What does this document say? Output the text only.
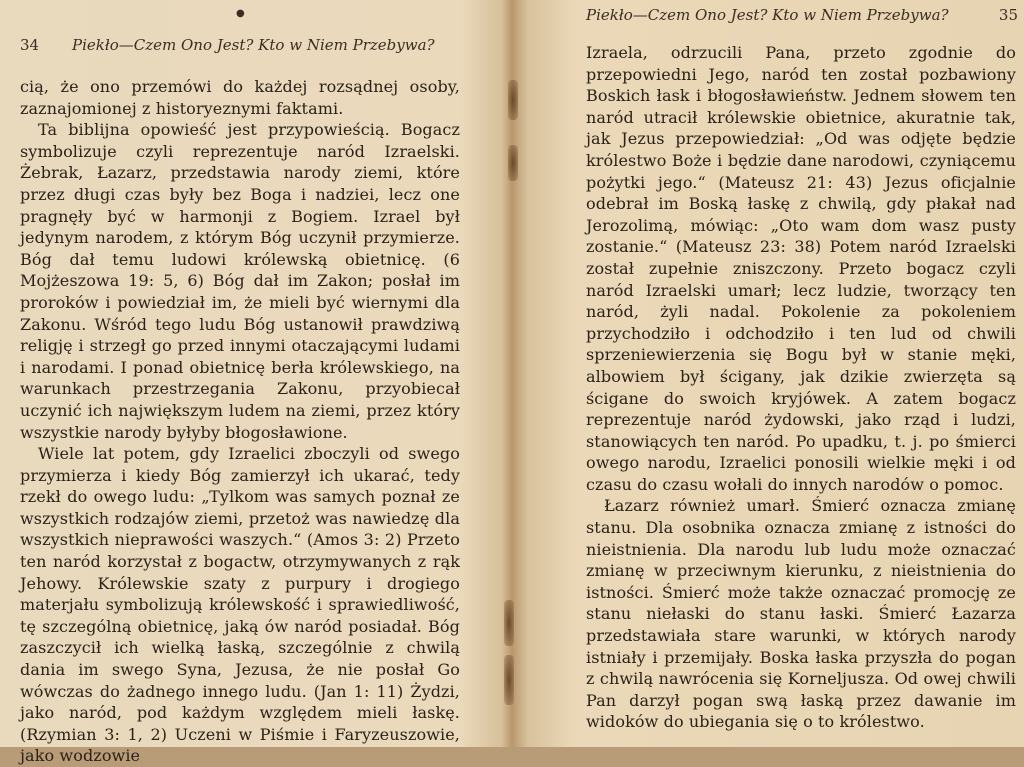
●
34 Piekło—Czem Ono Jest? Kto w Niem Przebywa?

cią, że ono przemówi do każdej rozsądnej osoby, zaznajomionej z historyeznymi faktami.

Ta biblijna opowieść jest przypowieścią. Bogacz symbolizuje czyli reprezentuje naród Izraelski. Żebrak, Łazarz, przedstawia narody ziemi, które przez długi czas były bez Boga i nadziei, lecz one pragnęły być w harmonji z Bogiem. Izrael był jedynym narodem, z którym Bóg uczynił przymierze. Bóg dał temu ludowi królewską obietnicę. (6 Mojżeszowa 19: 5, 6) Bóg dał im Zakon; posłał im proroków i powiedział im, że mieli być wiernymi dla Zakonu. Wśród tego ludu Bóg ustanowił prawdziwą religję i strzegł go przed innymi otaczającymi ludami i narodami. I ponad obietnicę berła królewskiego, na warunkach przestrzegania Zakonu, przyobiecał uczynić ich największym ludem na ziemi, przez który wszystkie narody byłyby błogosławione.

Wiele lat potem, gdy Izraelici zboczyli od swego przymierza i kiedy Bóg zamierzył ich ukarać, tedy rzekł do owego ludu: „Tylkom was samych poznał ze wszystkich rodzajów ziemi, przetoż was nawiedzę dla wszystkich nieprawości waszych.“ (Amos 3: 2) Przeto ten naród korzystał z bogactw, otrzymywanych z rąk Jehowy. Królewskie szaty z purpury i drogiego materjału symbolizują królewskość i sprawiedliwość, tę szczególną obietnicę, jaką ów naród posiadał. Bóg zaszczycił ich wielką łaską, szczególnie z chwilą dania im swego Syna, Jezusa, że nie posłał Go wówczas do żadnego innego ludu. (Jan 1: 11) Żydzi, jako naród, pod każdym względem mieli łaskę. (Rzymian 3: 1, 2) Uczeni w Piśmie i Faryzeuszowie, jako wodzowie

Piekło—Czem Ono Jest? Kto w Niem Przebywa?	35

Izraela, odrzucili Pana, przeto zgodnie do przepowiedni Jego, naród ten został pozbawiony Boskich łask i błogosławieństw. Jednem słowem ten naród utracił królewskie obietnice, akuratnie tak, jak Jezus przepowiedział: „Od was odjęte będzie królestwo Boże i będzie dane narodowi, czyniącemu pożytki jego.“ (Mateusz 21: 43) Jezus oficjalnie odebrał im Boską łaskę z chwilą, gdy płakał nad Jerozolimą, mówiąc: „Oto wam dom wasz pusty zostanie.“ (Mateusz 23: 38) Potem naród Izraelski został zupełnie zniszczony. Przeto bogacz czyli naród Izraelski umarł; lecz ludzie, tworzący ten naród, żyli nadal. Pokolenie za pokoleniem przychodziło i odchodziło i ten lud od chwili sprzeniewierzenia się Bogu był w stanie męki, albowiem był ścigany, jak dzikie zwierzęta są ścigane do swoich kryjówek. A zatem bogacz reprezentuje naród żydowski, jako rząd i ludzi, stanowiących ten naród. Po upadku, t. j. po śmierci owego narodu, Izraelici ponosili wielkie męki i od czasu do czasu wołali do innych narodów o pomoc.

Łazarz również umarł. Śmierć oznacza zmianę stanu. Dla osobnika oznacza zmianę z istności do nieistnienia. Dla narodu lub ludu może oznaczać zmianę w przeciwnym kierunku, z nieistnienia do istności. Śmierć może także oznaczać promocję ze stanu niełaski do stanu łaski. Śmierć Łazarza przedstawiała stare warunki, w których narody istniały i przemijały. Boska łaska przyszła do pogan z chwilą nawrócenia się Korneljusza. Od owej chwili Pan darzył pogan swą łaską przez dawanie im widoków do ubiegania się o to królestwo.
